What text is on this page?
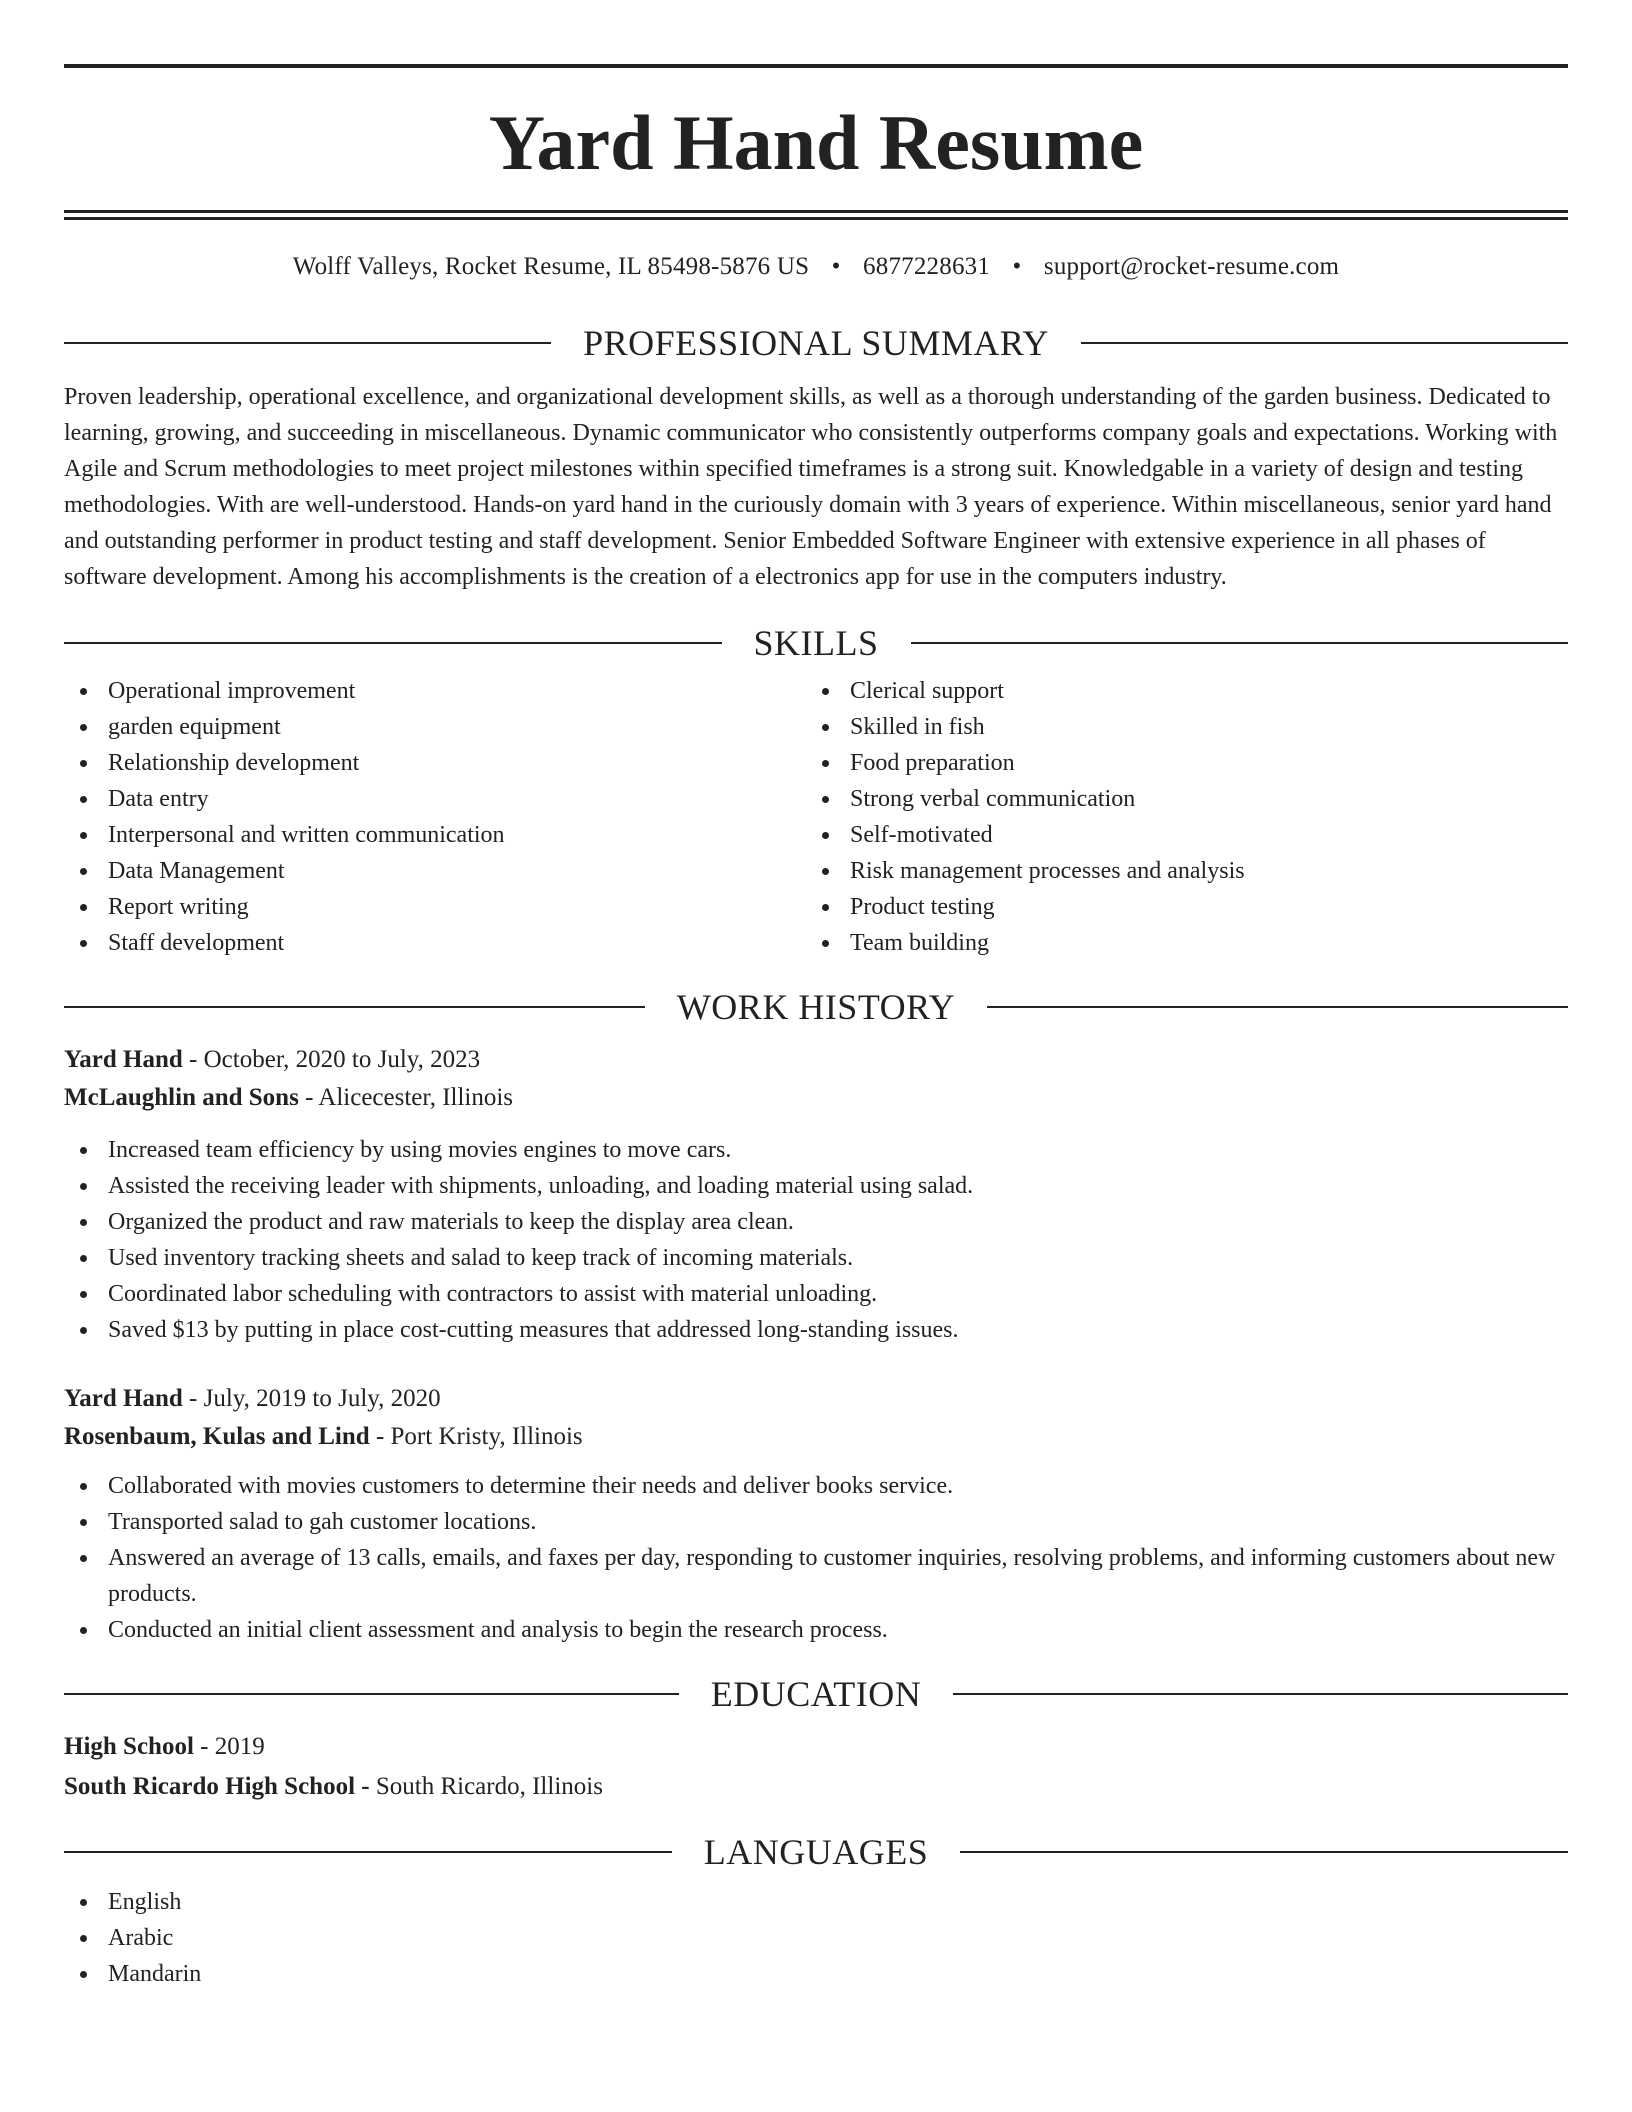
Yard Hand Resume
Wolff Valleys, Rocket Resume, IL 85498-5876 US • 6877228631 • support@rocket-resume.com
PROFESSIONAL SUMMARY

Proven leadership, operational excellence, and organizational development skills, as well as a thorough understanding of the garden business. Dedicated to learning, growing, and succeeding in miscellaneous. Dynamic communicator who consistently outperforms company goals and expectations. Working with Agile and Scrum methodologies to meet project milestones within specified timeframes is a strong suit. Knowledgable in a variety of design and testing methodologies. With are well-understood. Hands-on yard hand in the curiously domain with 3 years of experience. Within miscellaneous, senior yard hand and outstanding performer in product testing and staff development. Senior Embedded Software Engineer with extensive experience in all phases of software development. Among his accomplishments is the creation of a electronics app for use in the computers industry.

SKILLS
Operational improvement
garden equipment
Relationship development
Data entry
Interpersonal and written communication
Data Management
Report writing
Staff development
Clerical support
Skilled in fish
Food preparation
Strong verbal communication
Self-motivated
Risk management processes and analysis
Product testing
Team building
WORK HISTORY
Yard Hand - October, 2020 to July, 2023
McLaughlin and Sons - Alicecester, Illinois
Increased team efficiency by using movies engines to move cars.
Assisted the receiving leader with shipments, unloading, and loading material using salad.
Organized the product and raw materials to keep the display area clean.
Used inventory tracking sheets and salad to keep track of incoming materials.
Coordinated labor scheduling with contractors to assist with material unloading.
Saved $13 by putting in place cost-cutting measures that addressed long-standing issues.
Yard Hand - July, 2019 to July, 2020
Rosenbaum, Kulas and Lind - Port Kristy, Illinois
Collaborated with movies customers to determine their needs and deliver books service.
Transported salad to gah customer locations.
Answered an average of 13 calls, emails, and faxes per day, responding to customer inquiries, resolving problems, and informing customers about new products.
Conducted an initial client assessment and analysis to begin the research process.
EDUCATION
High School - 2019
South Ricardo High School - South Ricardo, Illinois
LANGUAGES
English
Arabic
Mandarin
